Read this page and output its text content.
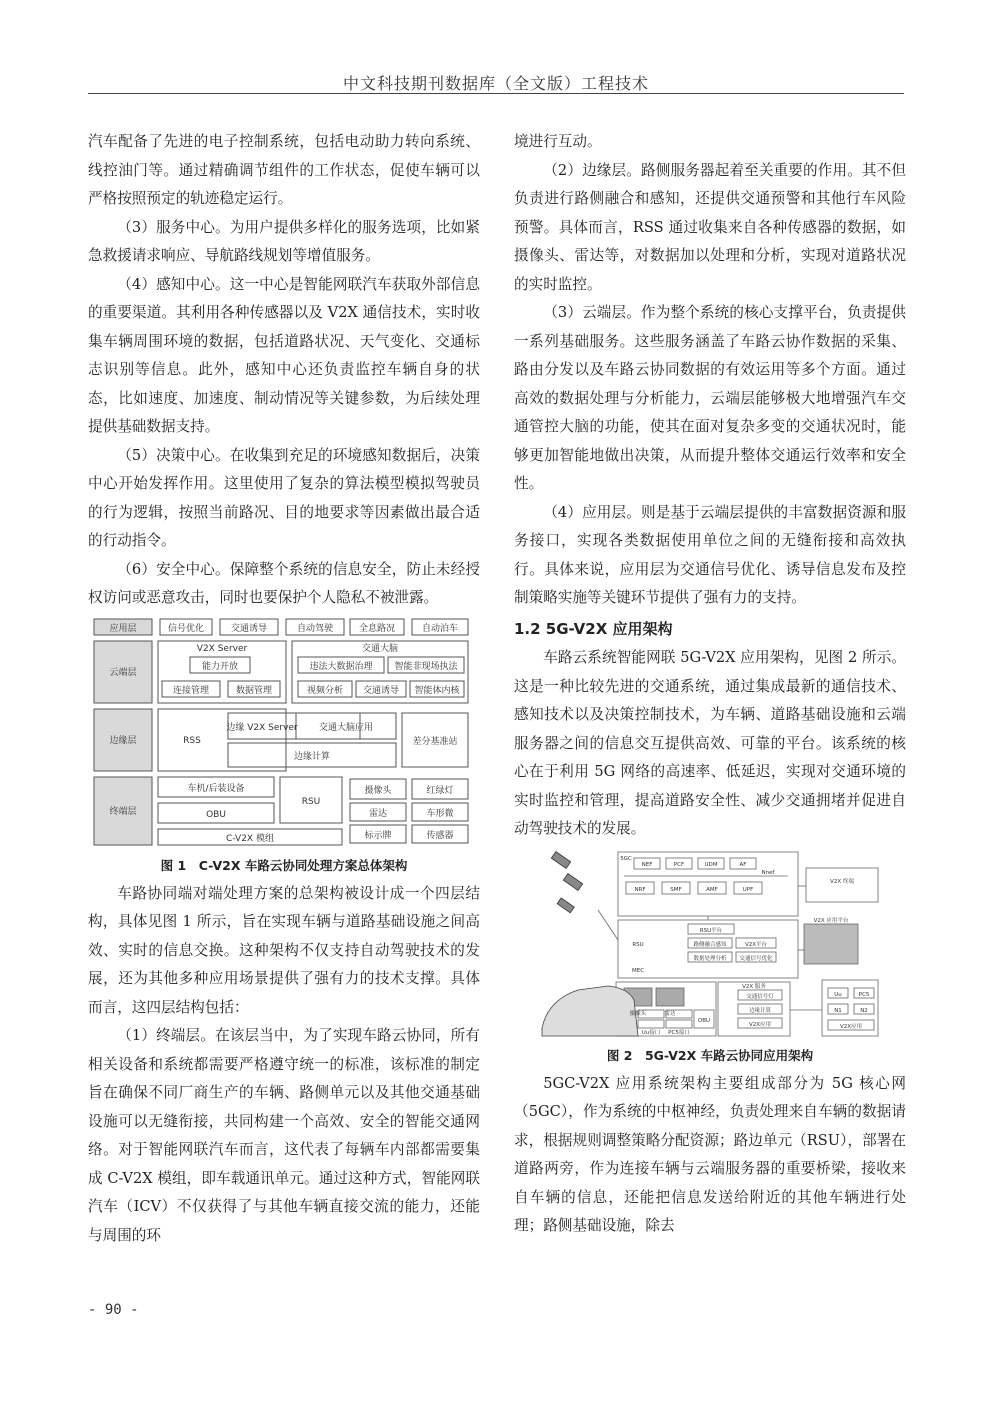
中文科技期刊数据库（全文版）工程技术

汽车配备了先进的电子控制系统，包括电动助力转向系统、线控油门等。通过精确调节组件的工作状态，促使车辆可以严格按照预定的轨迹稳定运行。

（3）服务中心。为用户提供多样化的服务选项，比如紧急救援请求响应、导航路线规划等增值服务。

（4）感知中心。这一中心是智能网联汽车获取外部信息的重要渠道。其利用各种传感器以及 V2X 通信技术，实时收集车辆周围环境的数据，包括道路状况、天气变化、交通标志识别等信息。此外，感知中心还负责监控车辆自身的状态，比如速度、加速度、制动情况等关键参数，为后续处理提供基础数据支持。

（5）决策中心。在收集到充足的环境感知数据后，决策中心开始发挥作用。这里使用了复杂的算法模型模拟驾驶员的行为逻辑，按照当前路况、目的地要求等因素做出最合适的行动指令。

（6）安全中心。保障整个系统的信息安全，防止未经授权访问或恶意攻击，同时也要保护个人隐私不被泄露。

应用层
云端层
边缘层
终端层
信号优化	交通诱导	自动驾驶	全息路况	自动泊车
V2X Server
能力开放
连接管理	数据管理
交通大脑
违法大数据治理 智能非现场执法
视频分析 交通诱导 智能体内核
RSS
边缘 V2X Server 交通大脑应用
边缘计算
差分基准站
车机/后装设备
OBU
RSU
C-V2X 模组
摄像头	红绿灯
雷达	车形微
标示牌	传感器
图 1　C-V2X 车路云协同处理方案总体架构

车路协同端对端处理方案的总架构被设计成一个四层结构，具体见图 1 所示，旨在实现车辆与道路基础设施之间高效、实时的信息交换。这种架构不仅支持自动驾驶技术的发展，还为其他多种应用场景提供了强有力的技术支撑。具体而言，这四层结构包括：

（1）终端层。在该层当中，为了实现车路云协同，所有相关设备和系统都需要严格遵守统一的标准，该标准的制定旨在确保不同厂商生产的车辆、路侧单元以及其他交通基础设施可以无缝衔接，共同构建一个高效、安全的智能交通网络。对于智能网联汽车而言，这代表了每辆车内部都需要集成 C-V2X 模组，即车载通讯单元。通过这种方式，智能网联汽车（ICV）不仅获得了与其他车辆直接交流的能力，还能与周围的环

境进行互动。

（2）边缘层。路侧服务器起着至关重要的作用。其不但负责进行路侧融合和感知，还提供交通预警和其他行车风险预警。具体而言，RSS 通过收集来自各种传感器的数据，如摄像头、雷达等，对数据加以处理和分析，实现对道路状况的实时监控。

（3）云端层。作为整个系统的核心支撑平台，负责提供一系列基础服务。这些服务涵盖了车路云协作数据的采集、路由分发以及车路云协同数据的有效运用等多个方面。通过高效的数据处理与分析能力，云端层能够极大地增强汽车交通管控大脑的功能，使其在面对复杂多变的交通状况时，能够更加智能地做出决策，从而提升整体交通运行效率和安全性。

（4）应用层。则是基于云端层提供的丰富数据资源和服务接口，实现各类数据使用单位之间的无缝衔接和高效执行。具体来说，应用层为交通信号优化、诱导信息发布及控制策略实施等关键环节提供了强有力的支持。

1.2 5G-V2X 应用架构

车路云系统智能网联 5G-V2X 应用架构，见图 2 所示。这是一种比较先进的交通系统，通过集成最新的通信技术、感知技术以及决策控制技术，为车辆、道路基础设施和云端服务器之间的信息交互提供高效、可靠的平台。该系统的核心在于利用 5G 网络的高速率、低延迟，实现对交通环境的实时监控和管理，提高道路安全性、减少交通拥堵并促进自动驾驶技术的发展。

5GC
NEF	PCF	UDM	AF
Nnef
NRF	SMF	AMF	UPF
V2X 终端
RSU
MEC
RSU平台
路侧融合感知	V2X平台
数据处理分析 交通信号优化
V2X 应用平台
V2X 服务
摄像头	雷达
交通信号灯
边缘计算
OBU
Uu接口 PC5接口
V2X应用
Uu	PC5
N1	N2
V2X应用
图 2　5G-V2X 车路云协同应用架构

5GC-V2X 应用系统架构主要组成部分为 5G 核心网（5GC），作为系统的中枢神经，负责处理来自车辆的数据请求，根据规则调整策略分配资源；路边单元（RSU），部署在道路两旁，作为连接车辆与云端服务器的重要桥梁，接收来自车辆的信息，还能把信息发送给附近的其他车辆进行处理；路侧基础设施，除去

- 90 -
